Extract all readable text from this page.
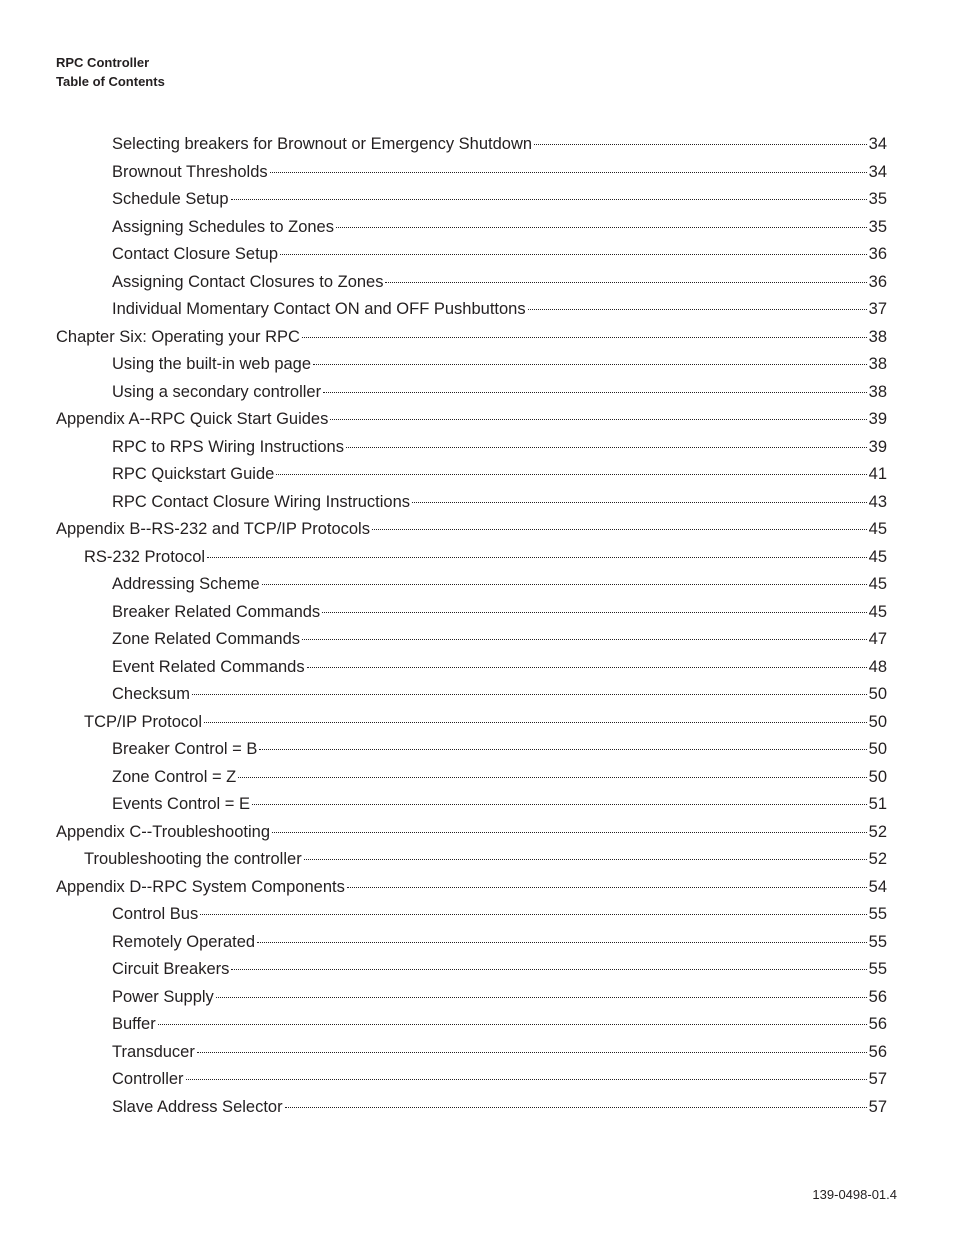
RPC Controller
Table of Contents
Selecting breakers for Brownout or Emergency Shutdown	34
Brownout Thresholds	34
Schedule Setup	35
Assigning Schedules to Zones	35
Contact Closure Setup	36
Assigning Contact Closures to Zones	36
Individual Momentary Contact ON and OFF Pushbuttons	37
Chapter Six: Operating your RPC	38
Using the built-in web page	38
Using a secondary controller	38
Appendix A--RPC Quick Start Guides	39
RPC to RPS Wiring Instructions	39
RPC Quickstart Guide	41
RPC Contact Closure Wiring Instructions	43
Appendix B--RS-232 and TCP/IP Protocols	45
RS-232 Protocol	45
Addressing Scheme	45
Breaker Related Commands	45
Zone Related Commands	47
Event Related Commands	48
Checksum	50
TCP/IP Protocol	50
Breaker Control = B	50
Zone Control = Z	50
Events Control = E	51
Appendix C--Troubleshooting	52
Troubleshooting the controller	52
Appendix D--RPC System Components	54
Control Bus	55
Remotely Operated	55
Circuit Breakers	55
Power Supply	56
Buffer	56
Transducer	56
Controller	57
Slave Address Selector	57
139-0498-01.4
